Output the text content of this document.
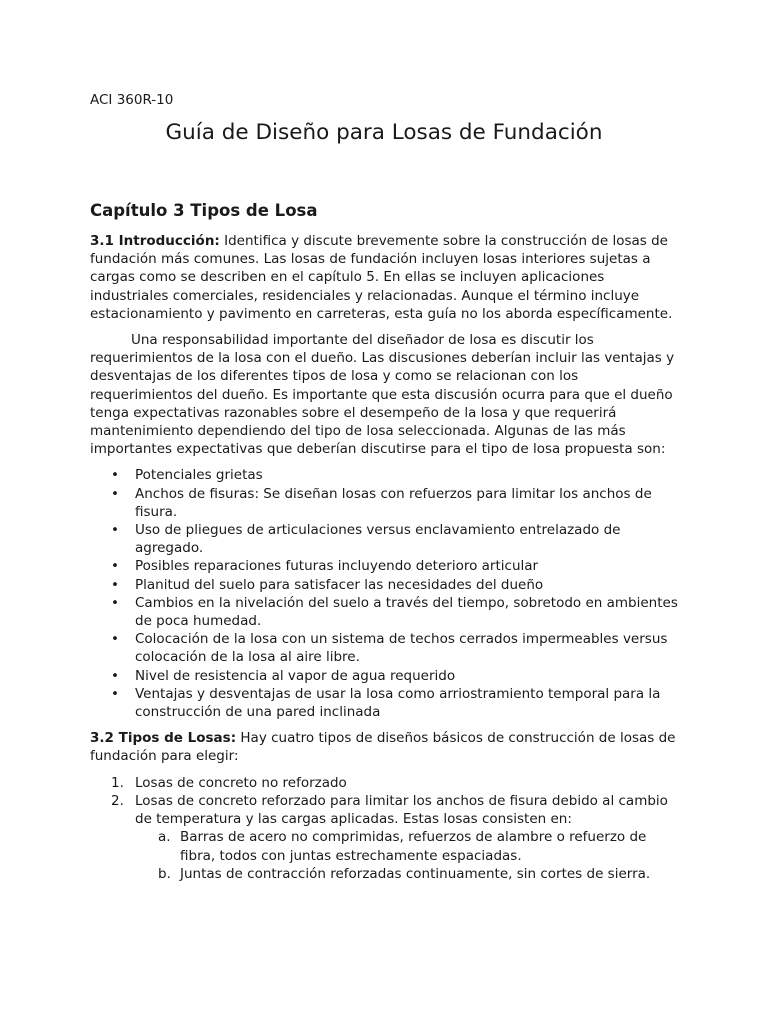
ACI 360R-10

Guía de Diseño para Losas de Fundación
Capítulo 3 Tipos de Losa

3.1 Introducción: Identifica y discute brevemente sobre la construcción de losas de fundación más comunes. Las losas de fundación incluyen losas interiores sujetas a cargas como se describen en el capítulo 5. En ellas se incluyen aplicaciones industriales comerciales, residenciales y relacionadas. Aunque el término incluye estacionamiento y pavimento en carreteras, esta guía no los aborda específicamente.

Una responsabilidad importante del diseñador de losa es discutir los requerimientos de la losa con el dueño. Las discusiones deberían incluir las ventajas y desventajas de los diferentes tipos de losa y como se relacionan con los requerimientos del dueño. Es importante que esta discusión ocurra para que el dueño tenga expectativas razonables sobre el desempeño de la losa y que requerirá mantenimiento dependiendo del tipo de losa seleccionada. Algunas de las más importantes expectativas que deberían discutirse para el tipo de losa propuesta son:

• Potenciales grietas
• Anchos de fisuras: Se diseñan losas con refuerzos para limitar los anchos de fisura.
• Uso de pliegues de articulaciones versus enclavamiento entrelazado de agregado.
• Posibles reparaciones futuras incluyendo deterioro articular
• Planitud del suelo para satisfacer las necesidades del dueño
• Cambios en la nivelación del suelo a través del tiempo, sobretodo en ambientes de poca humedad.
• Colocación de la losa con un sistema de techos cerrados impermeables versus colocación de la losa al aire libre.
• Nivel de resistencia al vapor de agua requerido
• Ventajas y desventajas de usar la losa como arriostramiento temporal para la construcción de una pared inclinada

3.2 Tipos de Losas: Hay cuatro tipos de diseños básicos de construcción de losas de fundación para elegir:

1. Losas de concreto no reforzado
2. Losas de concreto reforzado para limitar los anchos de fisura debido al cambio de temperatura y las cargas aplicadas. Estas losas consisten en:
a. Barras de acero no comprimidas, refuerzos de alambre o refuerzo de fibra, todos con juntas estrechamente espaciadas.
b. Juntas de contracción reforzadas continuamente, sin cortes de sierra.
